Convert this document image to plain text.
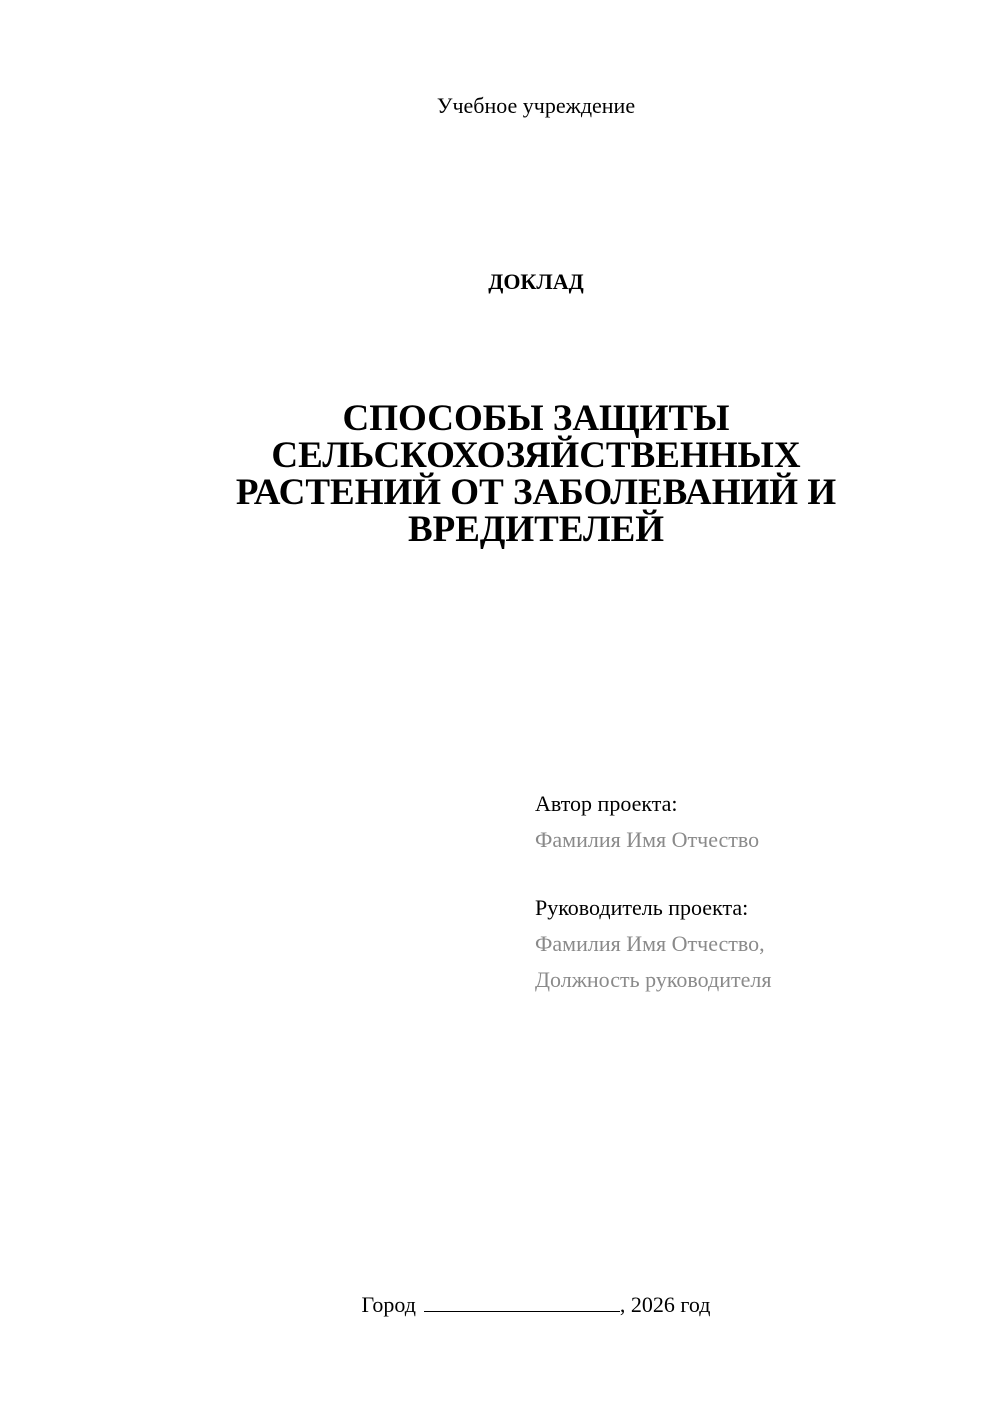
Учебное учреждение
ДОКЛАД
СПОСОБЫ ЗАЩИТЫ
СЕЛЬСКОХОЗЯЙСТВЕННЫХ
РАСТЕНИЙ ОТ ЗАБОЛЕВАНИЙ И
ВРЕДИТЕЛЕЙ
Автор проекта:
Фамилия Имя Отчество
Руководитель проекта:
Фамилия Имя Отчество,
Должность руководителя
Город	, 2026 год
